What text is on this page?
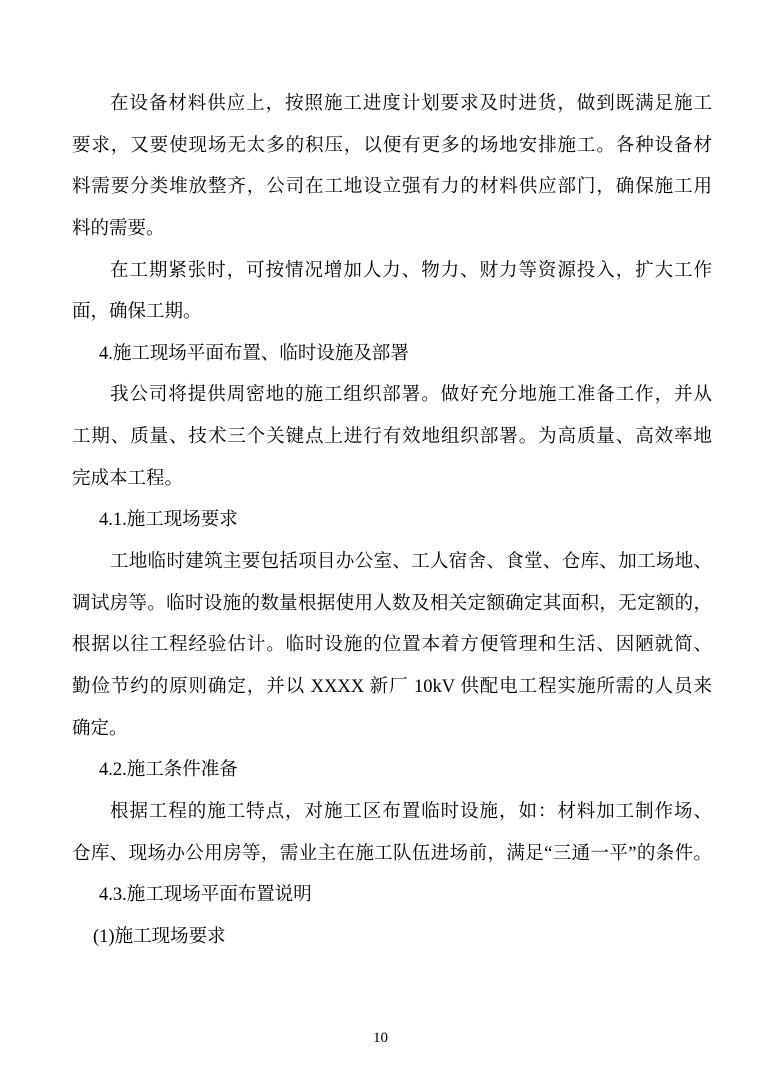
在设备材料供应上，按照施工进度计划要求及时进货，做到既满足施工
要求，又要使现场无太多的积压，以便有更多的场地安排施工。各种设备材
料需要分类堆放整齐，公司在工地设立强有力的材料供应部门，确保施工用
料的需要。
在工期紧张时，可按情况增加人力、物力、财力等资源投入，扩大工作
面，确保工期。
4.施工现场平面布置、临时设施及部署
我公司将提供周密地的施工组织部署。做好充分地施工准备工作，并从
工期、质量、技术三个关键点上进行有效地组织部署。为高质量、高效率地
完成本工程。
4.1.施工现场要求
工地临时建筑主要包括项目办公室、工人宿舍、食堂、仓库、加工场地、
调试房等。临时设施的数量根据使用人数及相关定额确定其面积，无定额的，
根据以往工程经验估计。临时设施的位置本着方便管理和生活、因陋就简、
勤俭节约的原则确定，并以 XXXX 新厂 10kV 供配电工程实施所需的人员来
确定。
4.2.施工条件准备
根据工程的施工特点，对施工区布置临时设施，如：材料加工制作场、
仓库、现场办公用房等，需业主在施工队伍进场前，满足“三通一平”的条件。
4.3.施工现场平面布置说明
(1)施工现场要求
10
